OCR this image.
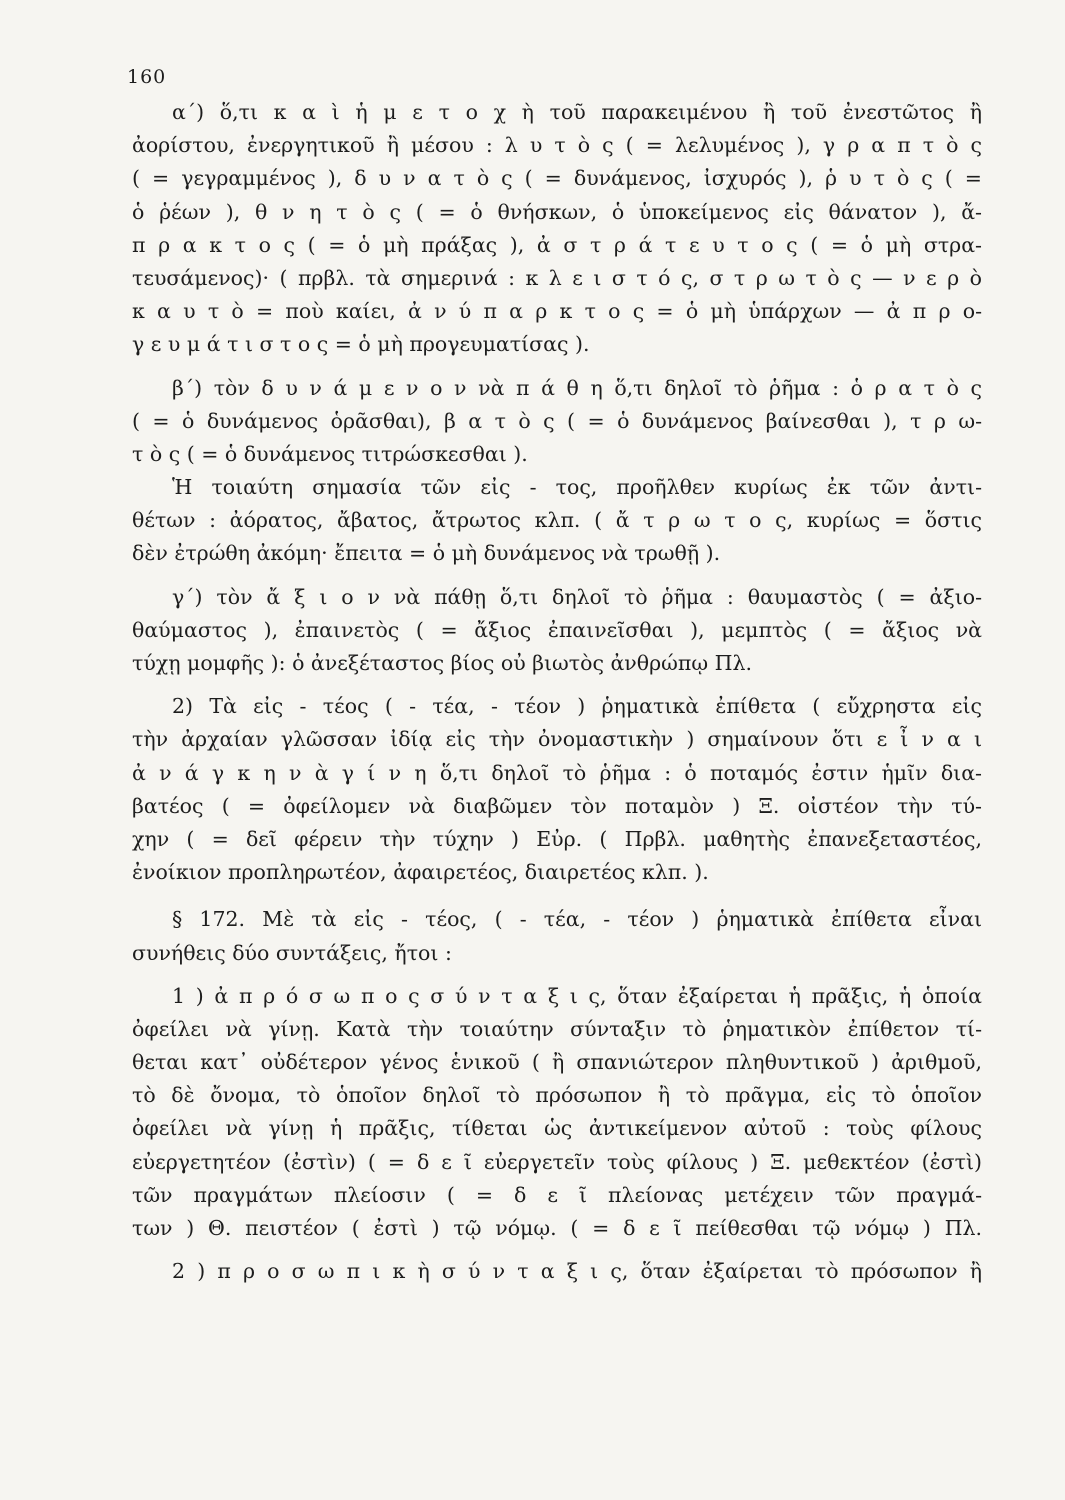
160
α΄) ὅ,τι κ α ὶ ἡ μ ε τ ο χ ὴ τοῦ παρακειμένου ἢ τοῦ ἐνεστῶτος ἢ
ἀορίστου, ἐνεργητικοῦ ἢ μέσου : λ υ τ ὸ ς ( = λελυμένος ), γ ρ α π τ ὸ ς
( = γεγραμμένος ), δ υ ν α τ ὸ ς ( = δυνάμενος, ἰσχυρός ), ῥ υ τ ὸ ς ( =
ὁ ῥέων ), θ ν η τ ὸ ς ( = ὁ θνήσκων, ὁ ὑποκείμενος εἰς θάνατον ), ἄ-
π ρ α κ τ ο ς ( = ὁ μὴ πράξας ), ἀ σ τ ρ ά τ ε υ τ ο ς ( = ὁ μὴ στρα-
τευσάμενος)· ( πρβλ. τὰ σημερινά : κ λ ε ι σ τ ό ς, σ τ ρ ω τ ὸ ς — ν ε ρ ὸ
κ α υ τ ὸ = ποὺ καίει, ἀ ν ύ π α ρ κ τ ο ς = ὁ μὴ ὑπάρχων — ἀ π ρ ο-
γ ε υ μ ά τ ι σ τ ο ς = ὁ μὴ προγευματίσας ).
β΄) τὸν δ υ ν ά μ ε ν ο ν νὰ π ά θ η ὅ,τι δηλοῖ τὸ ῥῆμα : ὁ ρ α τ ὸ ς
( = ὁ δυνάμενος ὁρᾶσθαι), β α τ ὸ ς ( = ὁ δυνάμενος βαίνεσθαι ), τ ρ ω-
τ ὸ ς ( = ὁ δυνάμενος τιτρώσκεσθαι ).
Ἡ τοιαύτη σημασία τῶν εἰς - τος, προῆλθεν κυρίως ἐκ τῶν ἀντι-
θέτων : ἀόρατος, ἄβατος, ἄτρωτος κλπ. ( ἄ τ ρ ω τ ο ς, κυρίως = ὅστις
δὲν ἐτρώθη ἀκόμη· ἔπειτα = ὁ μὴ δυνάμενος νὰ τρωθῇ ).
γ΄) τὸν ἄ ξ ι ο ν νὰ πάθῃ ὅ,τι δηλοῖ τὸ ῥῆμα : θαυμαστὸς ( = ἀξιο-
θαύμαστος ), ἐπαινετὸς ( = ἄξιος ἐπαινεῖσθαι ), μεμπτὸς ( = ἄξιος νὰ
τύχῃ μομφῆς ): ὁ ἀνεξέταστος βίος οὐ βιωτὸς ἀνθρώπῳ Πλ.
2) Τὰ εἰς - τέος ( - τέα, - τέον ) ῥηματικὰ ἐπίθετα ( εὔχρηστα εἰς
τὴν ἀρχαίαν γλῶσσαν ἰδίᾳ εἰς τὴν ὀνομαστικὴν ) σημαίνουν ὅτι ε ἶ ν α ι
ἀ ν ά γ κ η ν ὰ γ ί ν η ὅ,τι δηλοῖ τὸ ῥῆμα : ὁ ποταμός ἐστιν ἡμῖν δια-
βατέος ( = ὀφείλομεν νὰ διαβῶμεν τὸν ποταμὸν ) Ξ. οἰστέον τὴν τύ-
χην ( = δεῖ φέρειν τὴν τύχην ) Εὐρ. ( Πρβλ. μαθητὴς ἐπανεξεταστέος,
ἐνοίκιον προπληρωτέον, ἀφαιρετέος, διαιρετέος κλπ. ).
§ 172. Μὲ τὰ εἰς - τέος, ( - τέα, - τέον ) ῥηματικὰ ἐπίθετα εἶναι
συνήθεις δύο συντάξεις, ἤτοι :
1 ) ἀ π ρ ό σ ω π ο ς σ ύ ν τ α ξ ι ς, ὅταν ἐξαίρεται ἡ πρᾶξις, ἡ ὁποία
ὀφείλει νὰ γίνῃ. Κατὰ τὴν τοιαύτην σύνταξιν τὸ ῥηματικὸν ἐπίθετον τί-
θεται κατ᾽ οὐδέτερον γένος ἑνικοῦ ( ἢ σπανιώτερον πληθυντικοῦ ) ἀριθμοῦ,
τὸ δὲ ὄνομα, τὸ ὁποῖον δηλοῖ τὸ πρόσωπον ἢ τὸ πρᾶγμα, εἰς τὸ ὁποῖον
ὀφείλει νὰ γίνῃ ἡ πρᾶξις, τίθεται ὡς ἀντικείμενον αὐτοῦ : τοὺς φίλους
εὐεργετητέον (ἐστὶν) ( = δ ε ῖ εὐεργετεῖν τοὺς φίλους ) Ξ. μεθεκτέον (ἐστὶ)
τῶν πραγμάτων πλείοσιν ( = δ ε ῖ πλείονας μετέχειν τῶν πραγμά-
των ) Θ. πειστέον ( ἐστὶ ) τῷ νόμῳ. ( = δ ε ῖ πείθεσθαι τῷ νόμῳ ) Πλ.
2 ) π ρ ο σ ω π ι κ ὴ σ ύ ν τ α ξ ι ς, ὅταν ἐξαίρεται τὸ πρόσωπον ἢ
